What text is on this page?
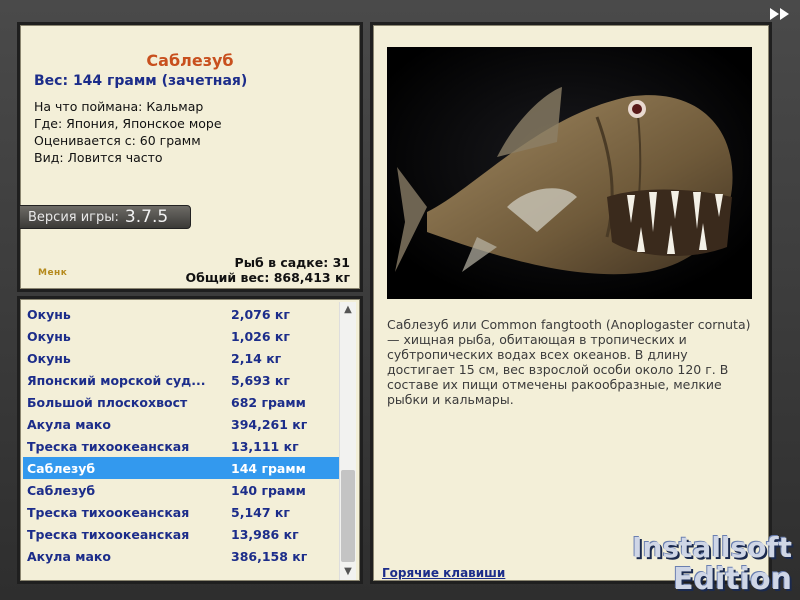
Саблезуб
Вес: 144 грамм (зачетная)
На что поймана: Кальмар
Где: Япония, Японское море
Оценивается с: 60 грамм
Вид: Ловится часто
Версия игры: 3.7.5
Менк
Рыб в садке: 31
Общий вес: 868,413 кг
Окунь	2,076 кг
Окунь	1,026 кг
Окунь	2,14 кг
Японский морской суд...	5,693 кг
Большой плоскохвост	682 грамм
Акула мако	394,261 кг
Треска тихоокеанская	13,111 кг
Саблезуб	144 грамм
Саблезуб	140 грамм
Треска тихоокеанская	5,147 кг
Треска тихоокеанская	13,986 кг
Акула мако	386,158 кг
▲
▼
Саблезуб или Common fangtooth (Anoplogaster cornuta) — хищная рыба, обитающая в тропических и субтропических водах всех океанов. В длину достигает 15 см, вес взрослой особи около 120 г. В составе их пищи отмечены ракообразные, мелкие рыбки и кальмары.
Горячие клавиши
Installsoft
Edition
